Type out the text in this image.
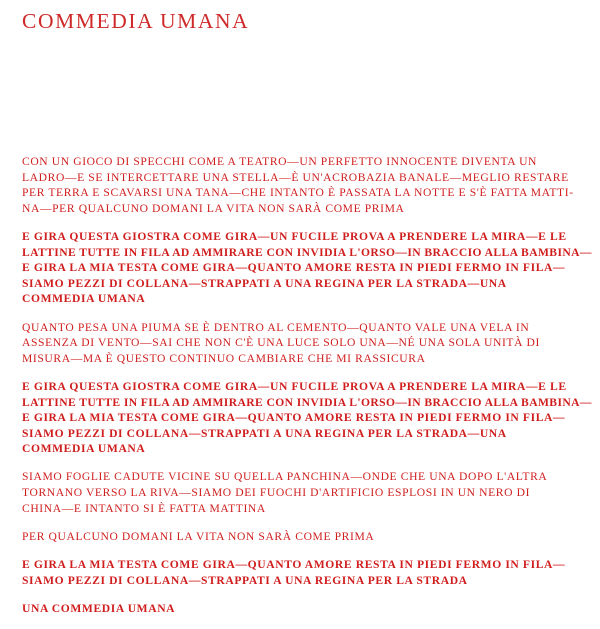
COMMEDIA UMANA
CON UN GIOCO DI SPECCHI COME A TEATRO—UN PERFETTO INNOCENTE DIVENTA UN
LADRO—E SE INTERCETTARE UNA STELLA—È UN'ACROBAZIA BANALE—MEGLIO RESTARE
PER TERRA E SCAVARSI UNA TANA—CHE INTANTO È PASSATA LA NOTTE E S'È FATTA MATTI-
NA—PER QUALCUNO DOMANI LA VITA NON SARÀ COME PRIMA
E GIRA QUESTA GIOSTRA COME GIRA—UN FUCILE PROVA A PRENDERE LA MIRA—E LE
LATTINE TUTTE IN FILA AD AMMIRARE CON INVIDIA L'ORSO—IN BRACCIO ALLA BAMBINA—
E GIRA LA MIA TESTA COME GIRA—QUANTO AMORE RESTA IN PIEDI FERMO IN FILA—
SIAMO PEZZI DI COLLANA—STRAPPATI A UNA REGINA PER LA STRADA—UNA
COMMEDIA UMANA
QUANTO PESA UNA PIUMA SE È DENTRO AL CEMENTO—QUANTO VALE UNA VELA IN
ASSENZA DI VENTO—SAI CHE NON C'È UNA LUCE SOLO UNA—NÉ UNA SOLA UNITÀ DI
MISURA—MA È QUESTO CONTINUO CAMBIARE CHE MI RASSICURA
E GIRA QUESTA GIOSTRA COME GIRA—UN FUCILE PROVA A PRENDERE LA MIRA—E LE
LATTINE TUTTE IN FILA AD AMMIRARE CON INVIDIA L'ORSO—IN BRACCIO ALLA BAMBINA—
E GIRA LA MIA TESTA COME GIRA—QUANTO AMORE RESTA IN PIEDI FERMO IN FILA—
SIAMO PEZZI DI COLLANA—STRAPPATI A UNA REGINA PER LA STRADA—UNA
COMMEDIA UMANA
SIAMO FOGLIE CADUTE VICINE SU QUELLA PANCHINA—ONDE CHE UNA DOPO L'ALTRA
TORNANO VERSO LA RIVA—SIAMO DEI FUOCHI D'ARTIFICIO ESPLOSI IN UN NERO DI
CHINA—E INTANTO SI È FATTA MATTINA
PER QUALCUNO DOMANI LA VITA NON SARÀ COME PRIMA
E GIRA LA MIA TESTA COME GIRA—QUANTO AMORE RESTA IN PIEDI FERMO IN FILA—
SIAMO PEZZI DI COLLANA—STRAPPATI A UNA REGINA PER LA STRADA
UNA COMMEDIA UMANA
